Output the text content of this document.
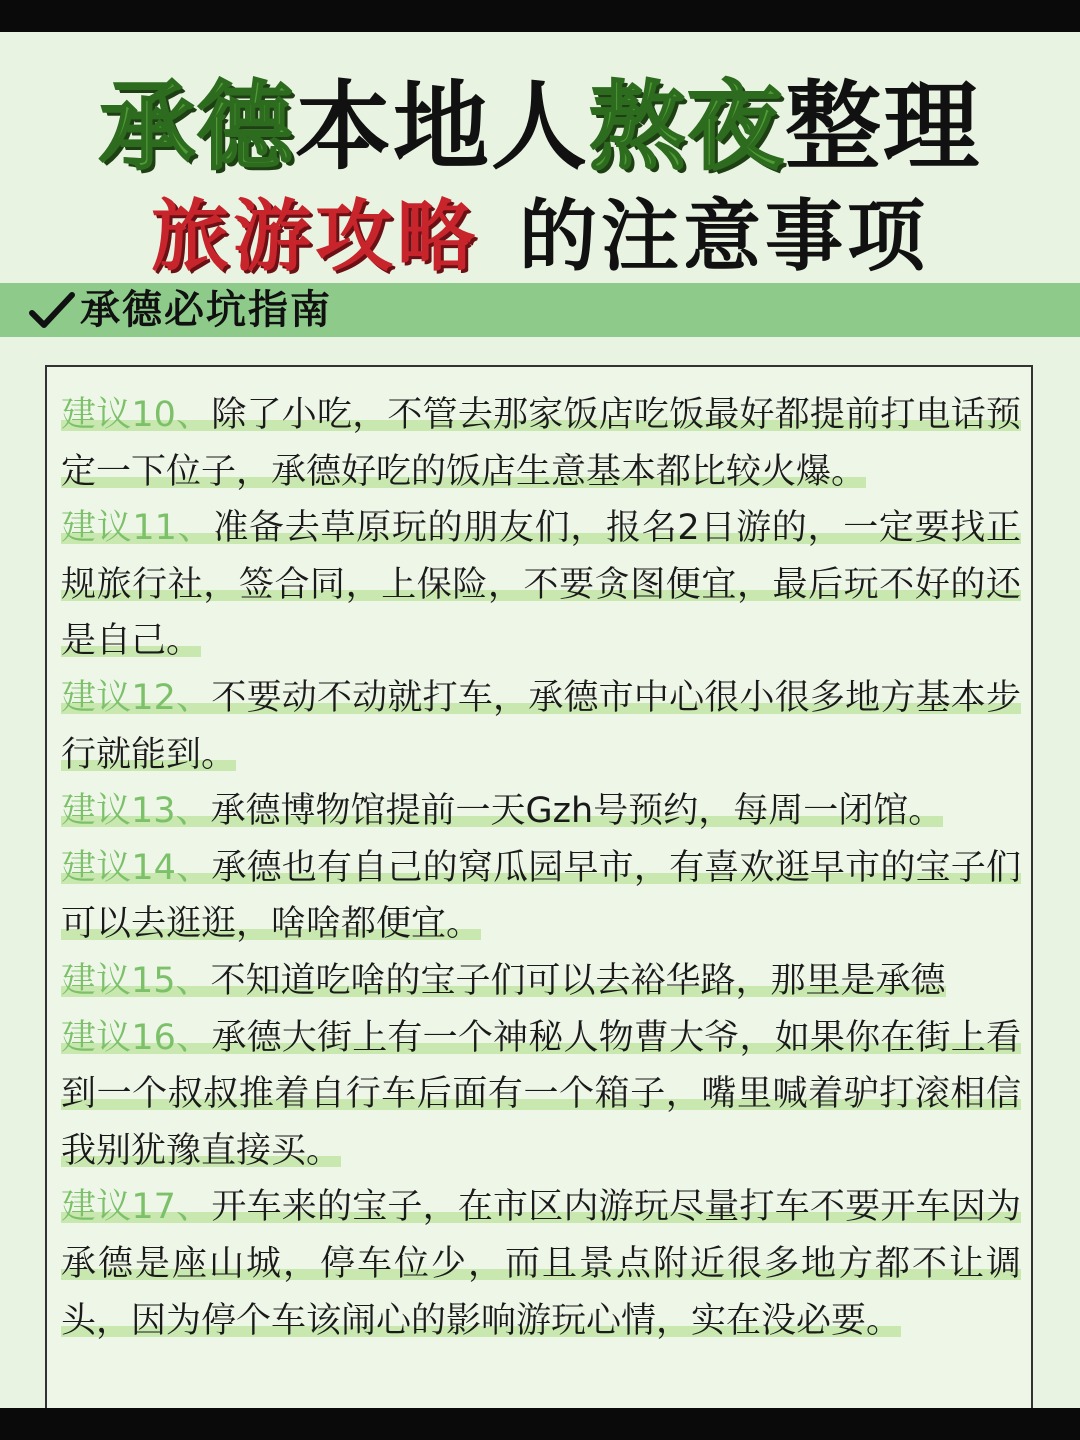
承德本地人熬夜整理
旅游攻略 的注意事项
承德必坑指南

建议10、除了小吃，不管去那家饭店吃饭最好都提前打电话预定一下位子，承德好吃的饭店生意基本都比较火爆。

建议11、准备去草原玩的朋友们，报名2日游的，一定要找正规旅行社，签合同，上保险，不要贪图便宜，最后玩不好的还是自己。

建议12、不要动不动就打车，承德市中心很小很多地方基本步行就能到。

建议13、承德博物馆提前一天Gzh号预约，每周一闭馆。

建议14、承德也有自己的窝瓜园早市，有喜欢逛早市的宝子们可以去逛逛，啥啥都便宜。

建议15、不知道吃啥的宝子们可以去裕华路，那里是承德

建议16、承德大街上有一个神秘人物曹大爷，如果你在街上看到一个叔叔推着自行车后面有一个箱子，嘴里喊着驴打滚相信我别犹豫直接买。

建议17、开车来的宝子，在市区内游玩尽量打车不要开车因为 承德是座山城，停车位少，而且景点附近很多地方都不让调头，因为停个车该闹心的影响游玩心情，实在没必要。
